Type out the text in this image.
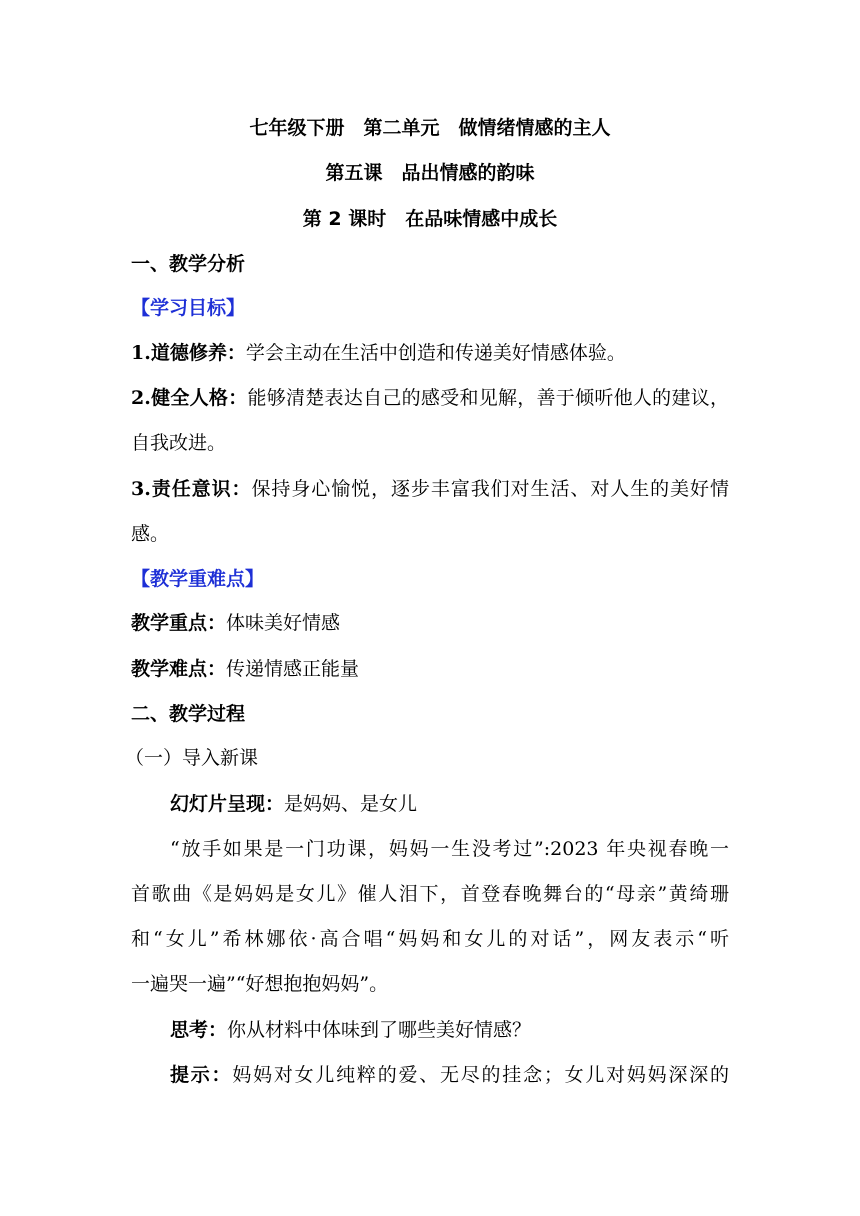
七年级下册　第二单元　做情绪情感的主人
第五课　品出情感的韵味
第 2 课时　在品味情感中成长
一、教学分析
【学习目标】
1.道德修养：学会主动在生活中创造和传递美好情感体验。
2.健全人格：能够清楚表达自己的感受和见解，善于倾听他人的建议，
自我改进。
3.责任意识：保持身心愉悦，逐步丰富我们对生活、对人生的美好情
感。
【教学重难点】
教学重点：体味美好情感
教学难点：传递情感正能量
二、教学过程
（一）导入新课
幻灯片呈现：是妈妈、是女儿
“放手如果是一门功课，妈妈一生没考过”:2023 年央视春晚一
首歌曲《是妈妈是女儿》催人泪下，首登春晚舞台的“母亲”黄绮珊
和“女儿”希林娜依·高合唱“妈妈和女儿的对话”，网友表示“听
一遍哭一遍”“好想抱抱妈妈”。
思考：你从材料中体味到了哪些美好情感？
提示：妈妈对女儿纯粹的爱、无尽的挂念；女儿对妈妈深深的
